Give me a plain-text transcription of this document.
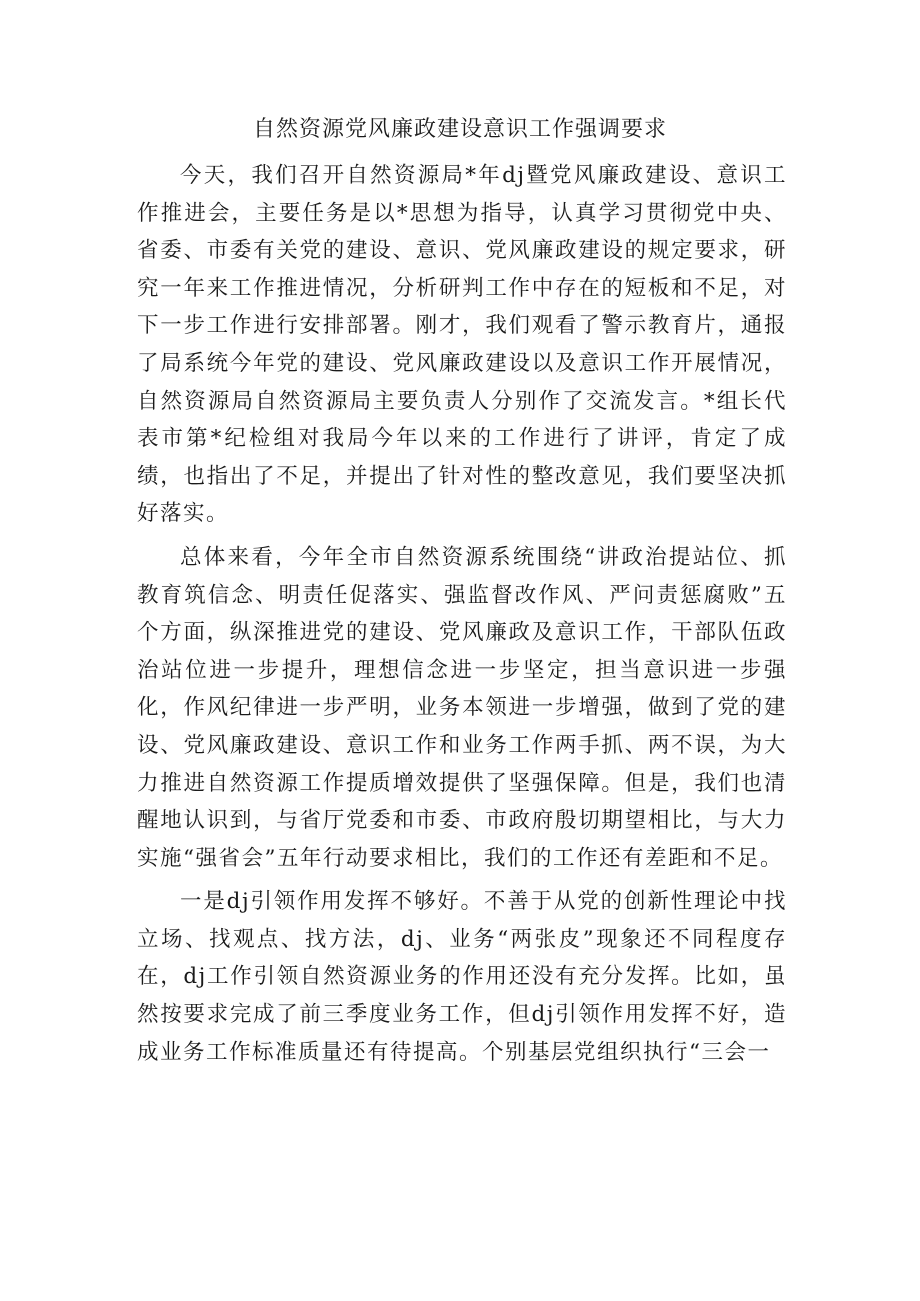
自然资源党风廉政建设意识工作强调要求

今天，我们召开自然资源局*年dj暨党风廉政建设、意识工作推进会，主要任务是以*思想为指导，认真学习贯彻党中央、省委、市委有关党的建设、意识、党风廉政建设的规定要求，研究一年来工作推进情况，分析研判工作中存在的短板和不足，对下一步工作进行安排部署。刚才，我们观看了警示教育片，通报了局系统今年党的建设、党风廉政建设以及意识工作开展情况，自然资源局自然资源局主要负责人分别作了交流发言。*组长代表市第*纪检组对我局今年以来的工作进行了讲评，肯定了成绩，也指出了不足，并提出了针对性的整改意见，我们要坚决抓好落实。

总体来看，今年全市自然资源系统围绕“讲政治提站位、抓教育筑信念、明责任促落实、强监督改作风、严问责惩腐败”五个方面，纵深推进党的建设、党风廉政及意识工作，干部队伍政治站位进一步提升，理想信念进一步坚定，担当意识进一步强化，作风纪律进一步严明，业务本领进一步增强，做到了党的建设、党风廉政建设、意识工作和业务工作两手抓、两不误，为大力推进自然资源工作提质增效提供了坚强保障。但是，我们也清醒地认识到，与省厅党委和市委、市政府殷切期望相比，与大力实施“强省会”五年行动要求相比，我们的工作还有差距和不足。

一是dj引领作用发挥不够好。不善于从党的创新性理论中找立场、找观点、找方法，dj、业务“两张皮”现象还不同程度存在，dj工作引领自然资源业务的作用还没有充分发挥。比如，虽然按要求完成了前三季度业务工作，但dj引领作用发挥不好，造成业务工作标准质量还有待提高。个别基层党组织执行“三会一
